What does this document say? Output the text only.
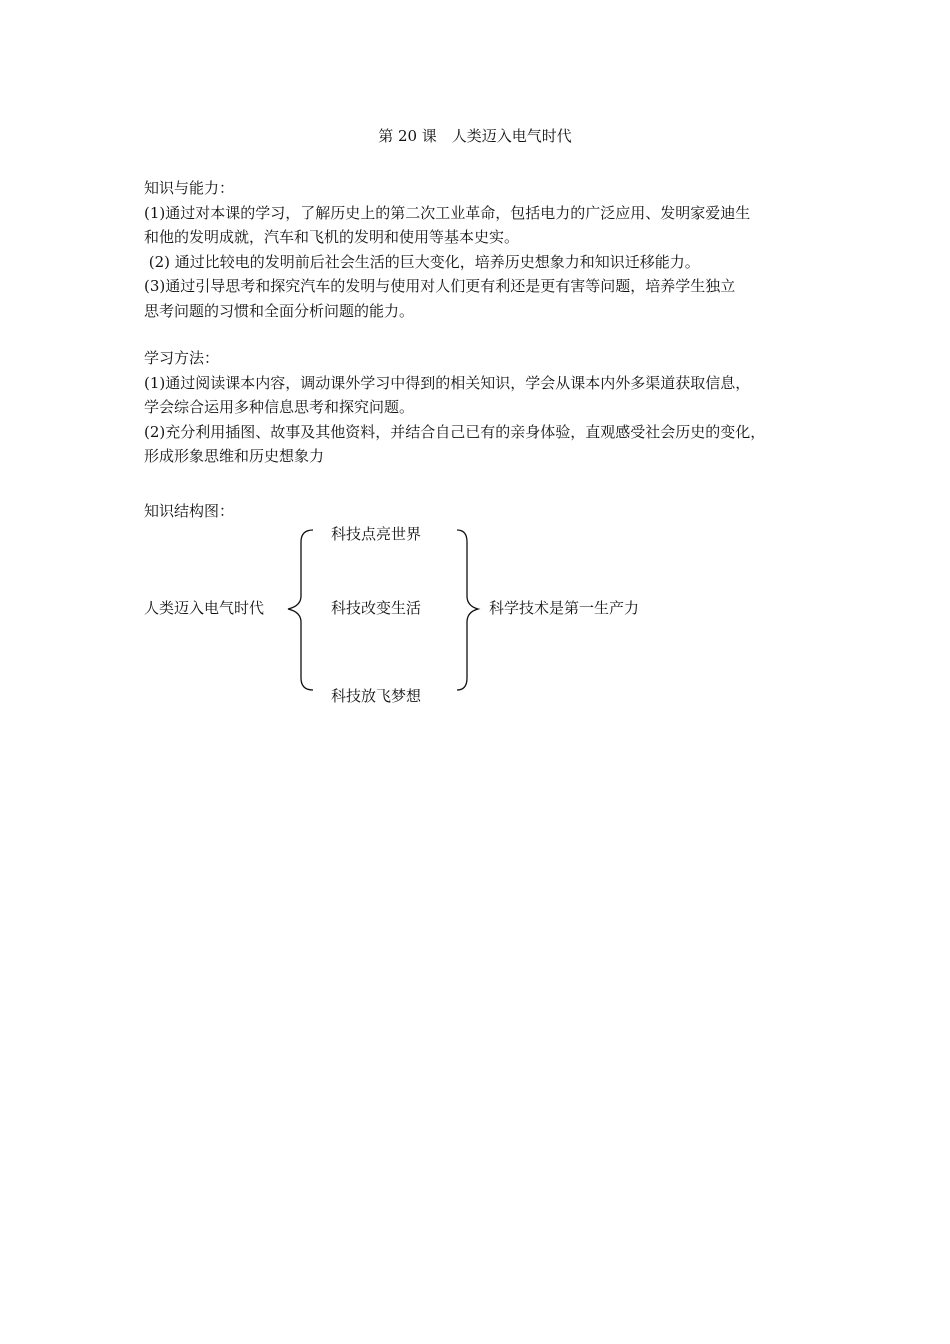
第 20 课　人类迈入电气时代

知识与能力：

(1)通过对本课的学习，了解历史上的第二次工业革命，包括电力的广泛应用、发明家爱迪生
和他的发明成就，汽车和飞机的发明和使用等基本史实。
(2) 通过比较电的发明前后社会生活的巨大变化，培养历史想象力和知识迁移能力。
(3)通过引导思考和探究汽车的发明与使用对人们更有利还是更有害等问题，培养学生独立
思考问题的习惯和全面分析问题的能力。

学习方法：

(1)通过阅读课本内容，调动课外学习中得到的相关知识，学会从课本内外多渠道获取信息，
学会综合运用多种信息思考和探究问题。
(2)充分利用插图、故事及其他资料，并结合自己已有的亲身体验，直观感受社会历史的变化，
形成形象思维和历史想象力

知识结构图：

人类迈入电气时代
科技点亮世界
科技改变生活
科技放飞梦想
科学技术是第一生产力
